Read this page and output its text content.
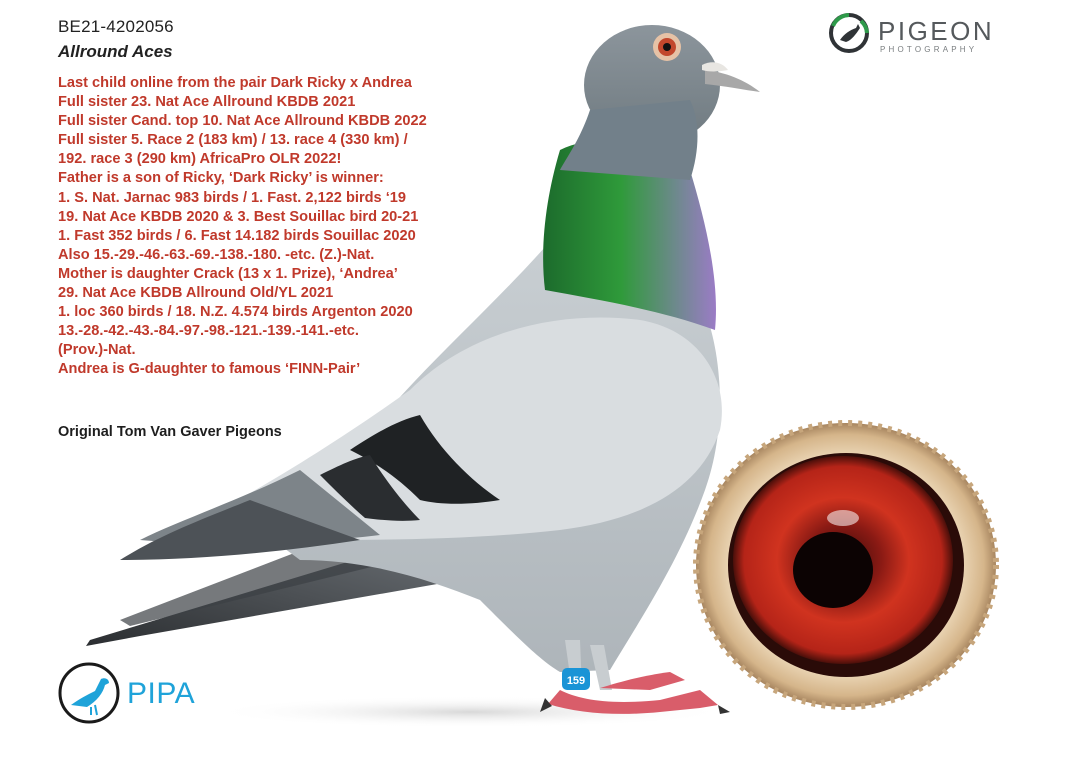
159
BE21-4202056
Allround Aces
Last child online from the pair Dark Ricky x Andrea
Full sister 23. Nat Ace Allround KBDB 2021
Full sister Cand. top 10. Nat Ace Allround KBDB 2022
Full sister 5. Race 2 (183 km) / 13. race 4 (330 km) /
192. race 3 (290 km) AfricaPro OLR 2022!
Father is a son of Ricky, ‘Dark Ricky’ is winner:
1. S. Nat. Jarnac 983 birds / 1. Fast. 2,122 birds ‘19
19. Nat Ace KBDB 2020 & 3. Best Souillac bird 20-21
1. Fast 352 birds / 6. Fast 14.182 birds Souillac 2020
Also 15.-29.-46.-63.-69.-138.-180. -etc. (Z.)-Nat.
Mother is daughter Crack (13 x 1. Prize), ‘Andrea’
29. Nat Ace KBDB Allround Old/YL 2021
1. loc 360 birds / 18. N.Z. 4.574 birds Argenton 2020
13.-28.-42.-43.-84.-97.-98.-121.-139.-141.-etc.
(Prov.)-Nat.
Andrea is G-daughter to famous ‘FINN-Pair’
Original Tom Van Gaver Pigeons
PIGEON
PHOTOGRAPHY
PIPA
